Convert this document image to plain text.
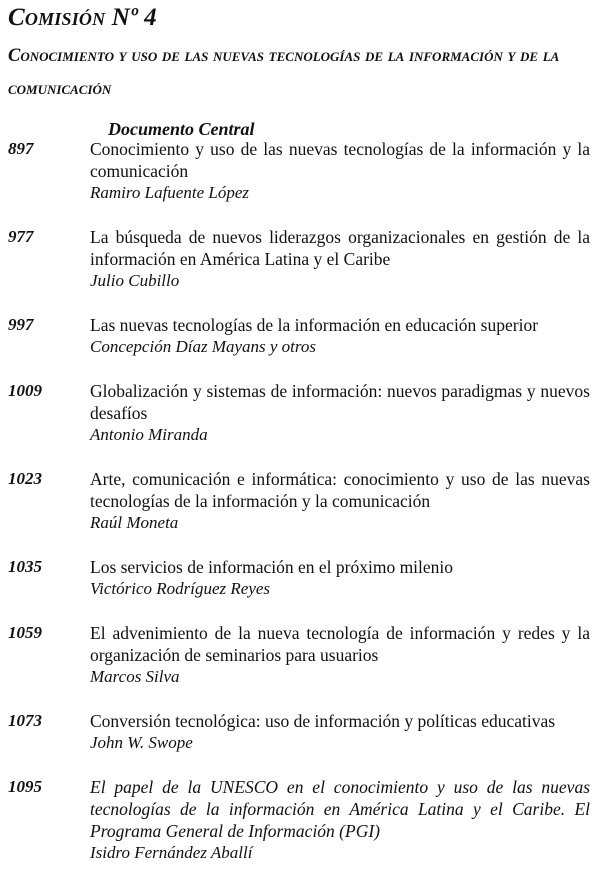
Comisión Nº 4
Conocimiento y uso de las nuevas tecnologías de la información y de la comunicación
Documento Central
897	Conocimiento y uso de las nuevas tecnologías de la información y la comunicación

Ramiro Lafuente López

977	La búsqueda de nuevos liderazgos organizacionales en gestión de la información en América Latina y el Caribe

Julio Cubillo

997	Las nuevas tecnologías de la información en educación superior

Concepción Díaz Mayans y otros

1009	Globalización y sistemas de información: nuevos paradigmas y nuevos desafíos

Antonio Miranda

1023	Arte, comunicación e informática: conocimiento y uso de las nuevas tecnologías de la información y la comunicación

Raúl Moneta

1035	Los servicios de información en el próximo milenio

Victórico Rodríguez Reyes

1059	El advenimiento de la nueva tecnología de información y redes y la organización de seminarios para usuarios

Marcos Silva

1073	Conversión tecnológica: uso de información y políticas educativas

John W. Swope

1095	El papel de la UNESCO en el conocimiento y uso de las nuevas tecnologías de la información en América Latina y el Caribe. El Programa General de Información (PGI)

Isidro Fernández Aballí
